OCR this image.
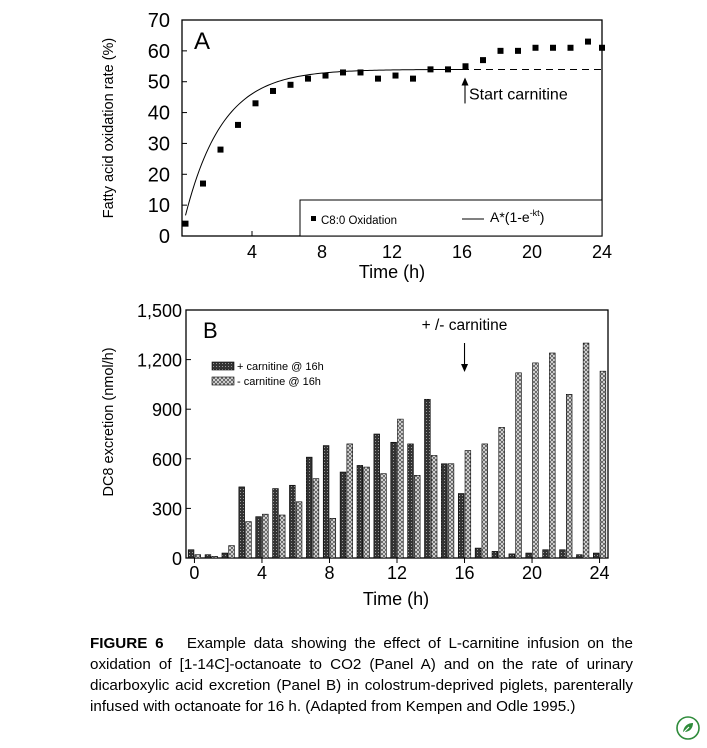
4	8	12	16	20	24
0
10
20
30
40
50
60
70
Start carnitine
A
Time (h)
Fatty acid oxidation rate (%)
C8:0 Oxidation	$A*(1-e^{-kt})$
0	4	8	12	16	20	24
0
300
600
900
1,200
1,500
B	+ /- carnitine
+ carnitine @ 16h
- carnitine @ 16h
Time (h)
DC8 excretion (nmol/h)
FIGURE 6 Example data showing the effect of L-carnitine infusion on the oxidation of [1-14C]-octanoate to CO2 (Panel A) and on the rate of urinary dicarboxylic acid excretion (Panel B) in colostrum-deprived piglets, parenterally infused with octanoate for 16 h. (Adapted from Kempen and Odle 1995.)
